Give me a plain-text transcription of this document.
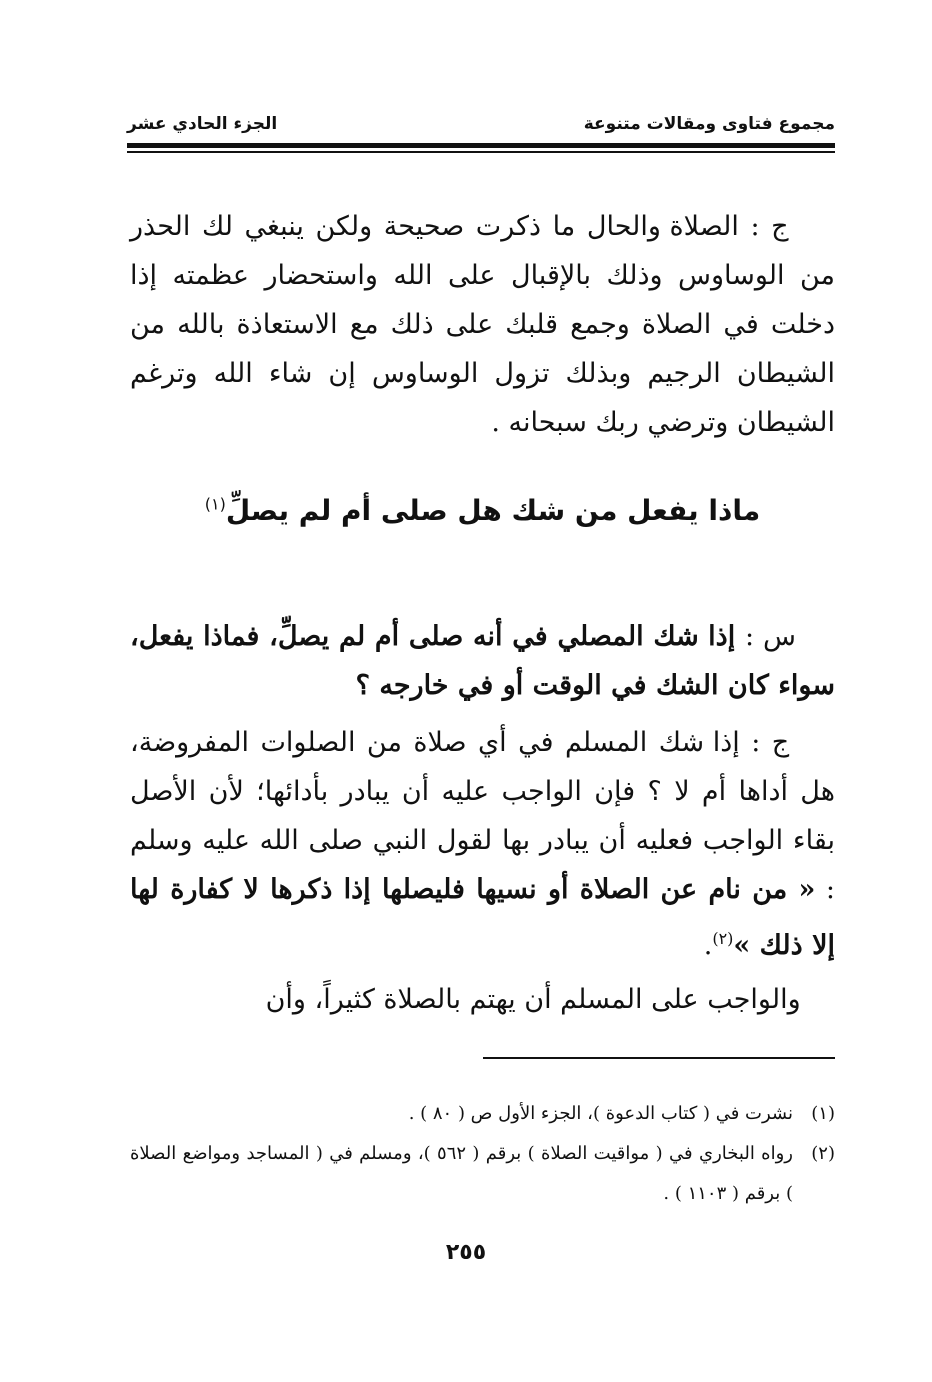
مجموع فتاوى ومقالات متنوعة
الجزء الحادي عشر
ج : الصلاة والحال ما ذكرت صحيحة ولكن ينبغي لك الحذر من الوساوس وذلك بالإقبال على الله واستحضار عظمته إذا دخلت في الصلاة وجمع قلبك على ذلك مع الاستعاذة بالله من الشيطان الرجيم وبذلك تزول الوساوس إن شاء الله وترغم الشيطان وترضي ربك سبحانه .
ماذا يفعل من شك هل صلى أم لم يصلِّ$^{(١)}$
س : إذا شك المصلي في أنه صلى أم لم يصلِّ، فماذا يفعل، سواء كان الشك في الوقت أو في خارجه ؟
ج : إذا شك المسلم في أي صلاة من الصلوات المفروضة، هل أداها أم لا ؟ فإن الواجب عليه أن يبادر بأدائها؛ لأن الأصل بقاء الواجب فعليه أن يبادر بها لقول النبي صلى الله عليه وسلم : « من نام عن الصلاة أو نسيها فليصلها إذا ذكرها لا كفارة لها إلا ذلك »$^{(٢)}$.
والواجب على المسلم أن يهتم بالصلاة كثيراً، وأن
(١)
نشرت في ( كتاب الدعوة )، الجزء الأول ص ( ٨٠ ) .
(٢)
رواه البخاري في ( مواقيت الصلاة ) برقم ( ٥٦٢ )، ومسلم في ( المساجد ومواضع الصلاة ) برقم ( ١١٠٣ ) .
٢٥٥
